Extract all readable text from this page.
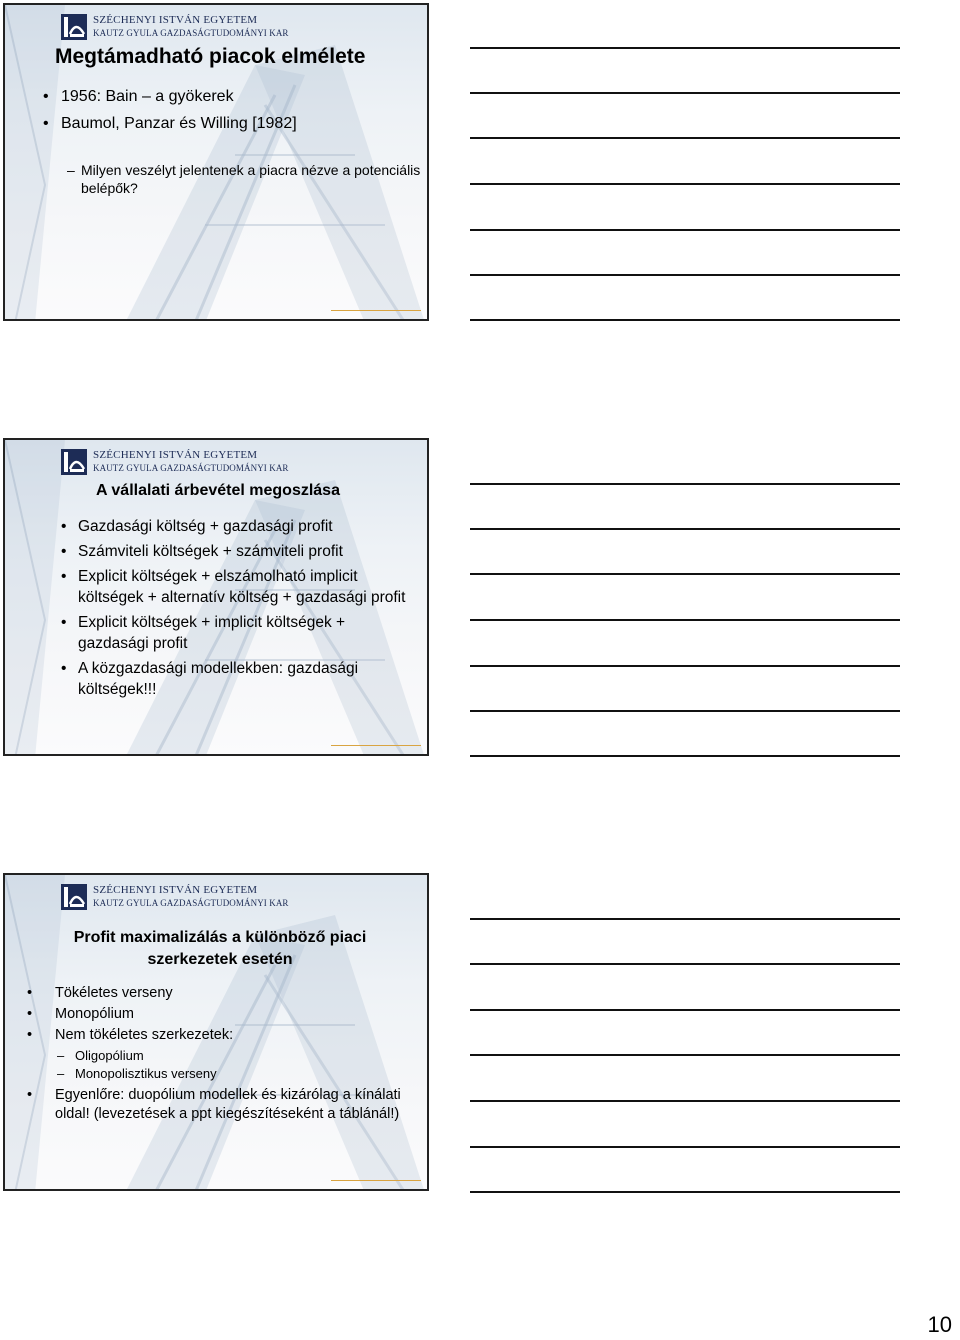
SZÉCHENYI ISTVÁN EGYETEM
KAUTZ GYULA GAZDASÁGTUDOMÁNYI KAR
Megtámadható piacok elmélete
• 1956: Bain – a gyökerek
• Baumol, Panzar és Willing [1982]
– Milyen veszélyt jelentenek a piacra nézve a potenciális belépők?
SZÉCHENYI ISTVÁN EGYETEM
KAUTZ GYULA GAZDASÁGTUDOMÁNYI KAR
A vállalati árbevétel megoszlása
• Gazdasági költség + gazdasági profit
• Számviteli költségek + számviteli profit
• Explicit költségek + elszámolható implicit költségek + alternatív költség + gazdasági profit
• Explicit költségek + implicit költségek + gazdasági profit
• A közgazdasági modellekben: gazdasági költségek!!!
SZÉCHENYI ISTVÁN EGYETEM
KAUTZ GYULA GAZDASÁGTUDOMÁNYI KAR
Profit maximalizálás a különböző piaci szerkezetek esetén
• Tökéletes verseny
• Monopólium
• Nem tökéletes szerkezetek:
– Oligopólium
– Monopolisztikus verseny
• Egyenlőre: duopólium modellek és kizárólag a kínálati oldal! (levezetések a ppt kiegészítéseként a táblánál!)
10
